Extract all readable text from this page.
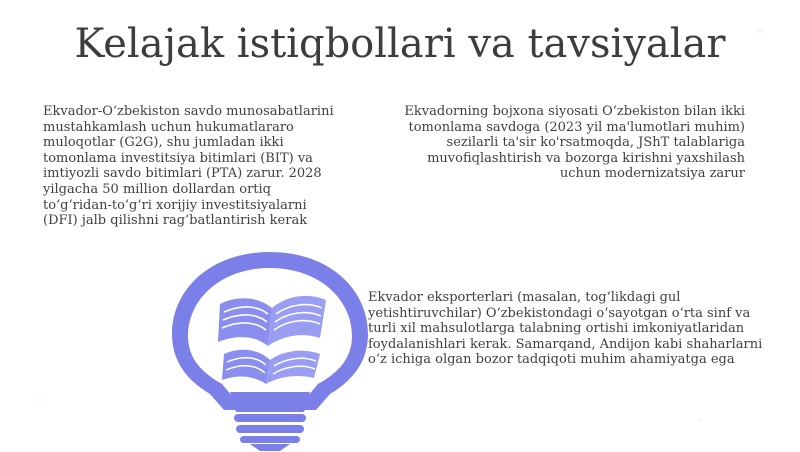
Kelajak istiqbollari va tavsiyalar

Ekvador-O‘zbekiston savdo munosabatlarini mustahkamlash uchun hukumatlararo muloqotlar (G2G), shu jumladan ikki tomonlama investitsiya bitimlari (BIT) va imtiyozli savdo bitimlari (PTA) zarur. 2028 yilgacha 50 million dollardan ortiq to‘g‘ridan-to‘g‘ri xorijiy investitsiyalarni (DFI) jalb qilishni rag‘batlantirish kerak

Ekvadorning bojxona siyosati O‘zbekiston bilan ikki tomonlama savdoga (2023 yil ma'lumotlari muhim) sezilarli ta'sir ko'rsatmoqda, JShT talablariga muvofiqlashtirish va bozorga kirishni yaxshilash uchun modernizatsiya zarur

Ekvador eksporterlari (masalan, tog‘likdagi gul yetishtiruvchilar) O‘zbekistondagi o‘sayotgan o‘rta sinf va turli xil mahsulotlarga talabning ortishi imkoniyatlaridan foydalanishlari kerak. Samarqand, Andijon kabi shaharlarni o‘z ichiga olgan bozor tadqiqoti muhim ahamiyatga ega
